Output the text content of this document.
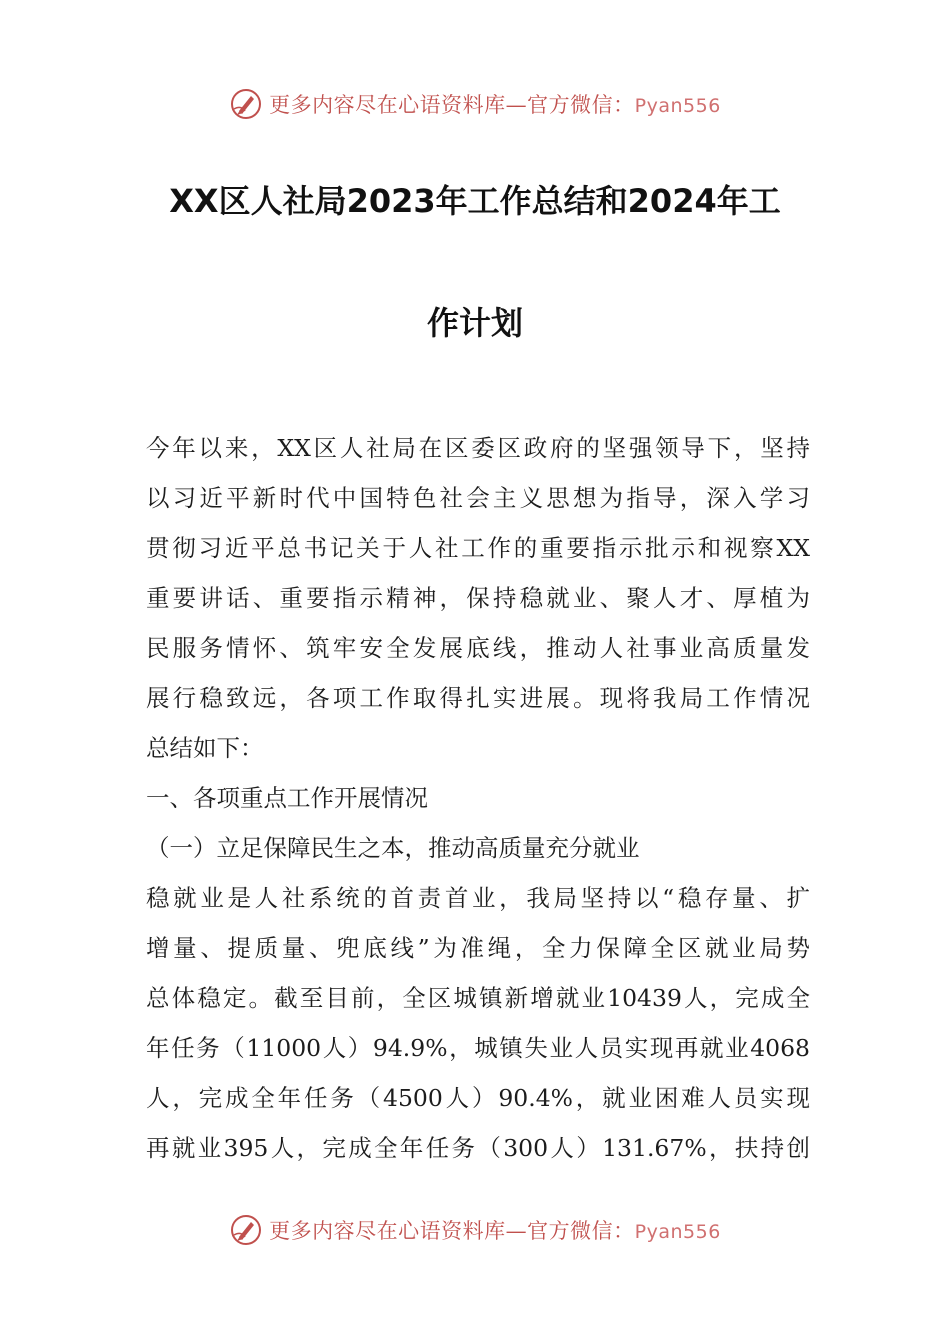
更多内容尽在心语资料库—官方微信：Pyan556
XX区人社局2023年工作总结和2024年工
作计划
今年以来，XX区人社局在区委区政府的坚强领导下，坚持
以习近平新时代中国特色社会主义思想为指导，深入学习
贯彻习近平总书记关于人社工作的重要指示批示和视察XX
重要讲话、重要指示精神，保持稳就业、聚人才、厚植为
民服务情怀、筑牢安全发展底线，推动人社事业高质量发
展行稳致远，各项工作取得扎实进展。现将我局工作情况
总结如下：
一、各项重点工作开展情况
（一）立足保障民生之本，推动高质量充分就业
稳就业是人社系统的首责首业，我局坚持以“稳存量、扩
增量、提质量、兜底线”为准绳，全力保障全区就业局势
总体稳定。截至目前，全区城镇新增就业10439人，完成全
年任务（11000人）94.9%，城镇失业人员实现再就业4068
人，完成全年任务（4500人）90.4%，就业困难人员实现
再就业395人，完成全年任务（300人）131.67%，扶持创
更多内容尽在心语资料库—官方微信：Pyan556
